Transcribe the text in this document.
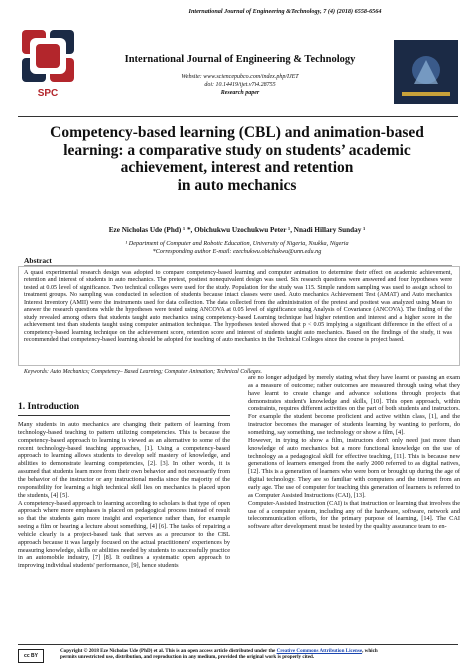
International Journal of Engineering &Technology, 7 (4) (2018) 6558-6564
SPC
International Journal of Engineering & Technology
Website: www.sciencepubco.com/index.php/IJET
doi: 10.14419/ijet.v7i4.28755
Research paper
Competency-based learning (CBL) and animation-based
learning: a comparative study on students’ academic
achievement, interest and retention
in auto mechanics
Eze Nicholas Ude (Phd) ¹ *, Obichukwu Uzochukwu Peter ¹, Nnadi Hillary Sunday ¹
¹ Department of Computer and Robotic Education, University of Nigeria, Nsukka, Nigeria
*Corresponding author E-mail: ezechukwu.obichukwu@unn.edu.ng
Abstract
A quasi experimental research design was adopted to compare competency-based learning and computer animation to determine their effect on academic achievement, retention and interest of students in auto mechanics. The pretest, posttest nonequivalent design was used. Six research questions were answered and four hypotheses were tested at 0.05 level of significance. Two technical colleges were used for the study. Population for the study was 115. Simple random sampling was used to assign school to treatment groups. No sampling was conducted in selection of students because intact classes were used. Auto mechanics Achievement Test (AMAT) and Auto mechanics Interest Inventory (AMII) were the instruments used for data collection. The data collected from the administration of the pretest and posttest was analyzed using Mean to answer the research questions while the hypotheses were tested using ANCOVA at 0.05 level of significance using Analysis of Covariance (ANCOVA). The finding of the study revealed among others that students taught auto mechanics using competency-based Learning technique had higher retention and interest and a higher score in the achievement test than students taught using computer animation technique. The hypotheses tested showed that p < 0.05 implying a significant difference in the effect of a competency-based learning technique on the achievement score, retention score and interest of students taught auto mechanics. Based on the findings of the study, it was recommended that competency-based learning should be adopted for teaching of auto mechanics in the Technical Colleges since the course is project based.
Keywords: Auto Mechanics; Competency– Based Learning; Computer Animation; Technical Colleges.
1. Introduction

Many students in auto mechanics are changing their pattern of learning from technology-based teaching to pattern utilizing competencies. This is because the competency-based approach to learning is viewed as an alternative to some of the recent technology-based teaching approaches, [1]. Using a competency-based approach to learning allows students to develop self mastery of knowledge, and abilities to demonstrate learning competencies, [2]. [3]. In other words, it is assumed that students learn more from their own behavior and not necessarily from the behavior of the instructor or any instructional media since the majority of the responsibility for learning a high technical skill lies on mechanics is placed upon the students, [4] [5].

A competency-based approach to learning according to scholars is that type of open approach where more emphases is placed on pedagogical process instead of result so that the students gain more insight and experience rather than, for example seeing a film or hearing a lecture about something, [4] [6]. The tasks of repairing a vehicle clearly is a project-based task that serves as a precursor to the CBL approach because it was largely focused on the actual practitioners' experiences by measuring knowledge, skills or abilities needed by students to successfully practice in an automobile industry, [7] [8]. It outlines a systematic open approach to improving individual students' performance, [9], hence students

are no longer adjudged by merely stating what they have learnt or passing an exam as a measure of outcome; rather outcomes are measured through using what they have learnt to create change and advance solutions through projects that demonstrates student's knowledge and skills, [10]. This open approach, within constraints, requires different activities on the part of both students and instructors. For example the student become proficient and active within class, [1], and the instructor becomes the manager of students learning by wanting to perform, do something, say something, use technology or show a film, [4].

However, in trying to show a film, instructors don't only need just more than knowledge of auto mechanics but a more functional knowledge on the use of technology as a pedagogical skill for effective teaching, [11]. This is because new generations of learners emerged from the early 2000 referred to as digital natives, [12]. This is a generation of learners who were born or brought up during the age of digital technology. They are so familiar with computers and the internet from an early age. The use of computer for teaching this generation of learners is referred to as Computer Assisted Instructions (CAI), [13].

Computer-Assisted Instruction (CAI) is that instruction or learning that involves the use of a computer system, including any of the hardware, software, network and telecommunication efforts, for the primary purpose of learning, [14]. The CAI software after development must be tested by the quality assurance team to en-

cc BY
Copyright © 2018 Eze Nicholas Ude (PhD) et al. This is an open access article distributed under the Creative Commons Attribution License, which
permits unrestricted use, distribution, and reproduction in any medium, provided the original work is properly cited.
